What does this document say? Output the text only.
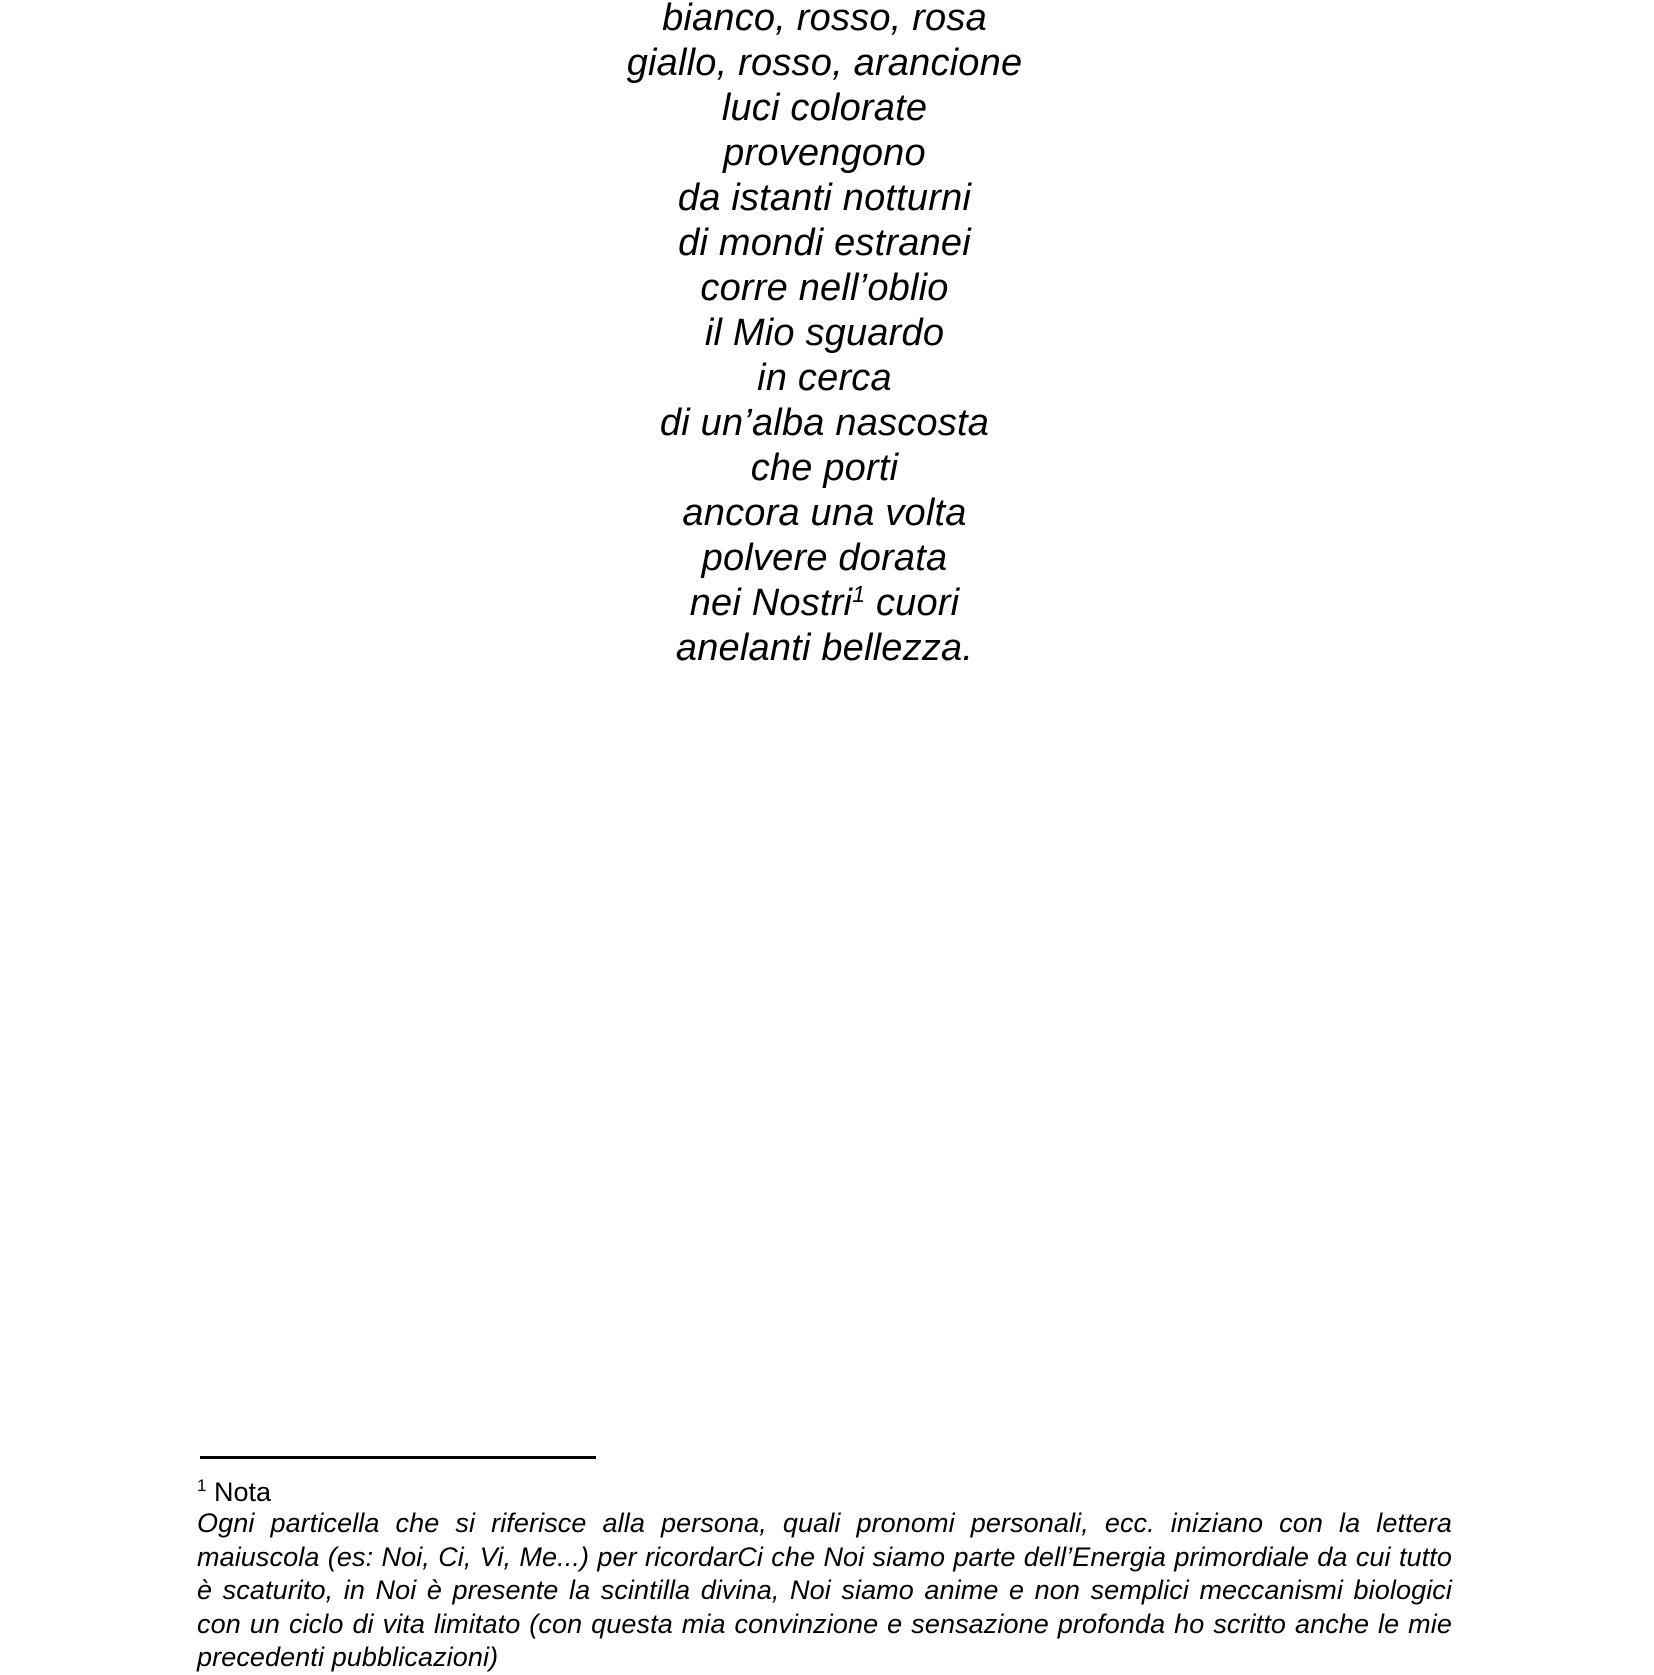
bianco, rosso, rosa
giallo, rosso, arancione
luci colorate
provengono
da istanti notturni
di mondi estranei
corre nell’oblio
il Mio sguardo
in cerca
di un’alba nascosta
che porti
ancora una volta
polvere dorata
nei Nostri$^1$ cuori
anelanti bellezza.
$^1$ Nota
Ogni particella che si riferisce alla persona, quali pronomi personali, ecc. iniziano con la lettera
maiuscola (es: Noi, Ci, Vi, Me...) per ricordarCi che Noi siamo parte dell’Energia primordiale da cui tutto
è scaturito, in Noi è presente la scintilla divina, Noi siamo anime e non semplici meccanismi biologici
con un ciclo di vita limitato (con questa mia convinzione e sensazione profonda ho scritto anche le mie
precedenti pubblicazioni)
